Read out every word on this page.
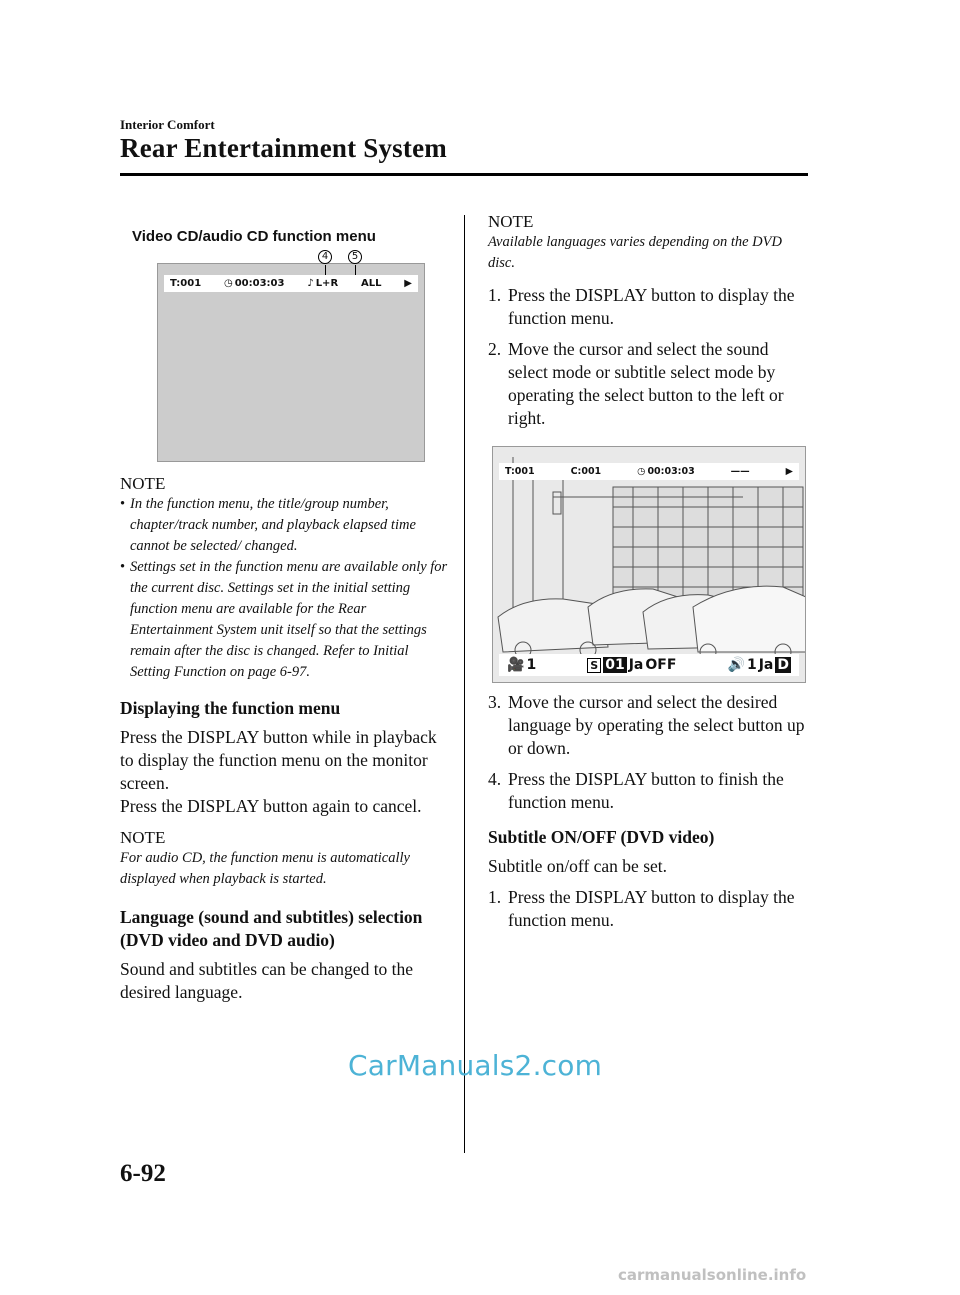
Interior Comfort
Rear Entertainment System
Video CD/audio CD function menu
4	5
T:001 ◷ 00:03:03 ♪ L+R ALL ▶
NOTE
• In the function menu, the title/group number, chapter/track number, and playback elapsed time cannot be selected/ changed.
• Settings set in the function menu are available only for the current disc. Settings set in the initial setting function menu are available for the Rear Entertainment System unit itself so that the settings remain after the disc is changed. Refer to Initial Setting Function on page 6-97.
Displaying the function menu
Press the DISPLAY button while in playback to display the function menu on the monitor screen.
Press the DISPLAY button again to cancel.
NOTE
For audio CD, the function menu is automatically displayed when playback is started.
Language (sound and subtitles) selection (DVD video and DVD audio)
Sound and subtitles can be changed to the desired language.
NOTE
Available languages varies depending on the DVD disc.
1. Press the DISPLAY button to display the function menu.
2. Move the cursor and select the sound select mode or subtitle select mode by operating the select button to the left or right.
T:001	C:001	◷ 00:03:03	——	▶
🎥 1	S 01 Ja OFF	🔊 1 Ja D
3. Move the cursor and select the desired language by operating the select button up or down.
4. Press the DISPLAY button to finish the function menu.
Subtitle ON/OFF (DVD video)
Subtitle on/off can be set.
1. Press the DISPLAY button to display the function menu.
CarManuals2.com
6-92
carmanualsonline.info
